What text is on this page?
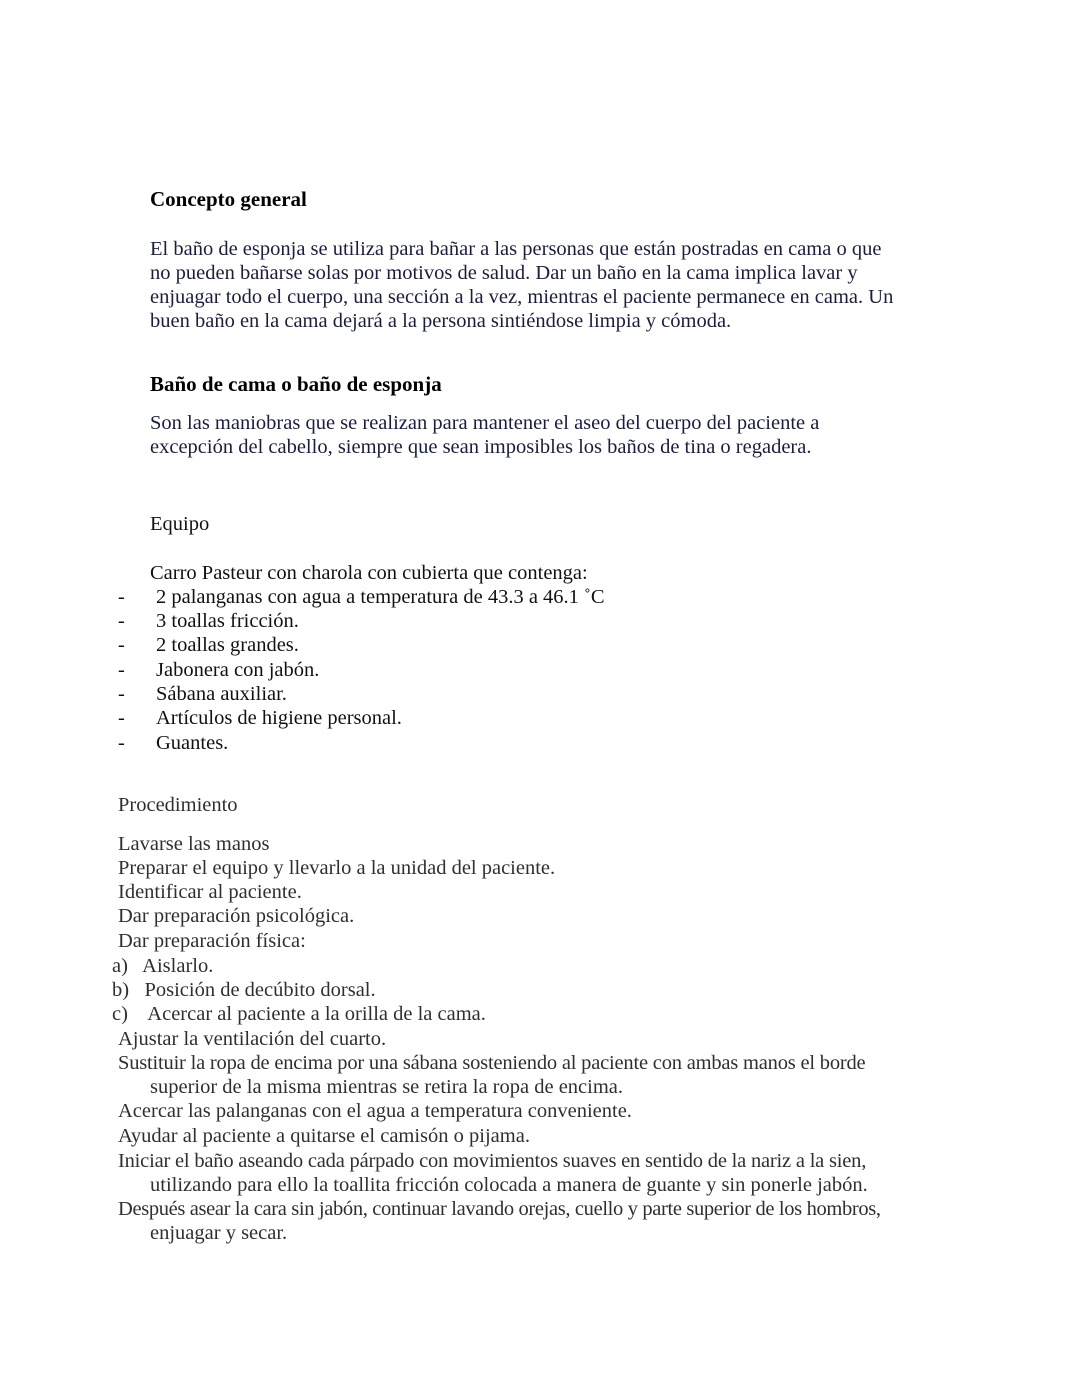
Concepto general
El baño de esponja se utiliza para bañar a las personas que están postradas en cama o que
no pueden bañarse solas por motivos de salud. Dar un baño en la cama implica lavar y
enjuagar todo el cuerpo, una sección a la vez, mientras el paciente permanece en cama. Un
buen baño en la cama dejará a la persona sintiéndose limpia y cómoda.
Baño de cama o baño de esponja
Son las maniobras que se realizan para mantener el aseo del cuerpo del paciente a
excepción del cabello, siempre que sean imposibles los baños de tina o regadera.
Equipo
Carro Pasteur con charola con cubierta que contenga:
- 2 palanganas con agua a temperatura de 43.3 a 46.1 ˚C
- 3 toallas fricción.
- 2 toallas grandes.
- Jabonera con jabón.
- Sábana auxiliar.
- Artículos de higiene personal.
- Guantes.
Procedimiento
Lavarse las manos
Preparar el equipo y llevarlo a la unidad del paciente.
Identificar al paciente.
Dar preparación psicológica.
Dar preparación física:
a)   Aislarlo.
b)   Posición de decúbito dorsal.
c)    Acercar al paciente a la orilla de la cama.
Ajustar la ventilación del cuarto.
Sustituir la ropa de encima por una sábana sosteniendo al paciente con ambas manos el borde
superior de la misma mientras se retira la ropa de encima.
Acercar las palanganas con el agua a temperatura conveniente.
Ayudar al paciente a quitarse el camisón o pijama.
Iniciar el baño aseando cada párpado con movimientos suaves en sentido de la nariz a la sien,
utilizando para ello la toallita fricción colocada a manera de guante y sin ponerle jabón.
Después asear la cara sin jabón, continuar lavando orejas, cuello y parte superior de los hombros,
enjuagar y secar.
